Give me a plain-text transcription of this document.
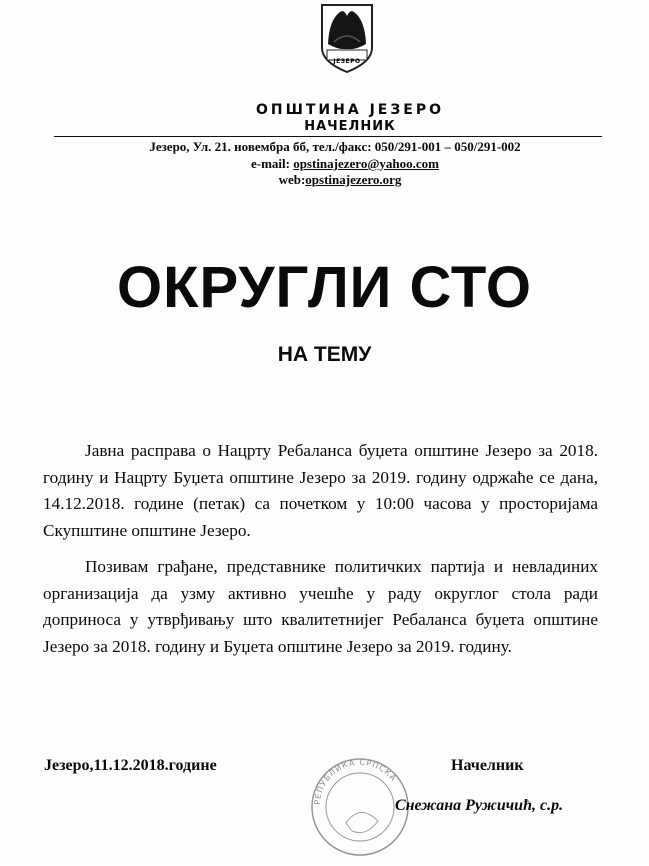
ЈЕЗЕРО
ОПШТИНА ЈЕЗЕРО
НАЧЕЛНИК
Језеро, Ул. 21. новембра бб, тел./факс: 050/291-001 – 050/291-002
e-mail: opstinajezero@yahoo.com
web:opstinajezero.org
ОКРУГЛИ СТО
НА ТЕМУ

Јавна расправа о Нацрту Ребаланса буџета општине Језеро за 2018. годину и Нацрту Буџета општине Језеро за 2019. годину одржаће се дана, 14.12.2018. године (петак) са почетком у 10:00 часова у просторијама Скупштине општине Језеро.

Позивам грађане, представнике политичких партија и невладиних организација да узму активно учешће у раду округлог стола ради доприноса у утврђивању што квалитетнијег Ребаланса буџета општине Језеро за 2018. годину и Буџета општине Језеро за 2019. годину.

РЕПУБЛИКА СРПСКА
Језеро,11.12.2018.године	Начелник
Снежана Ружичић, с.р.
